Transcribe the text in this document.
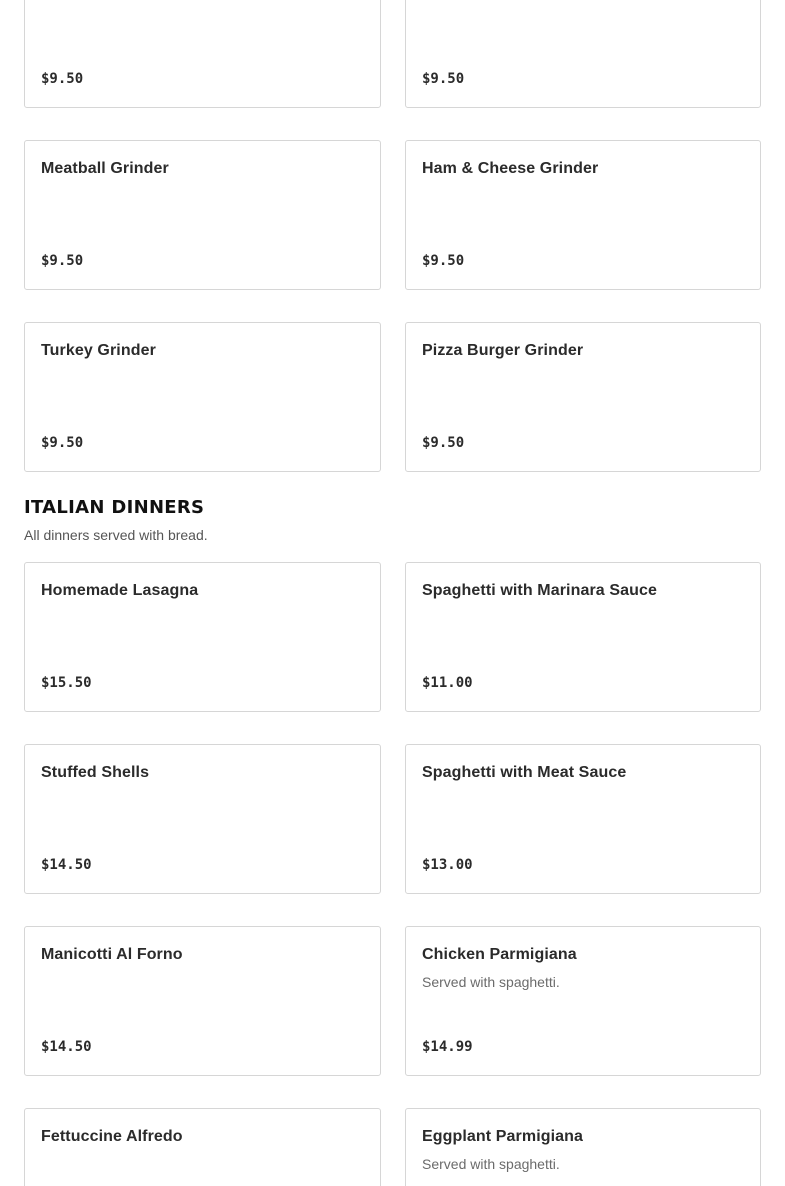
$9.50	$9.50
Meatball Grinder
$9.50
Ham & Cheese Grinder
$9.50
Turkey Grinder
$9.50
Pizza Burger Grinder
$9.50
ITALIAN DINNERS

All dinners served with bread.

Homemade Lasagna
$15.50
Spaghetti with Marinara Sauce
$11.00
Stuffed Shells
$14.50
Spaghetti with Meat Sauce
$13.00
Manicotti Al Forno
$14.50
Chicken Parmigiana
Served with spaghetti.
$14.99
Fettuccine Alfredo	Eggplant Parmigiana
Served with spaghetti.
